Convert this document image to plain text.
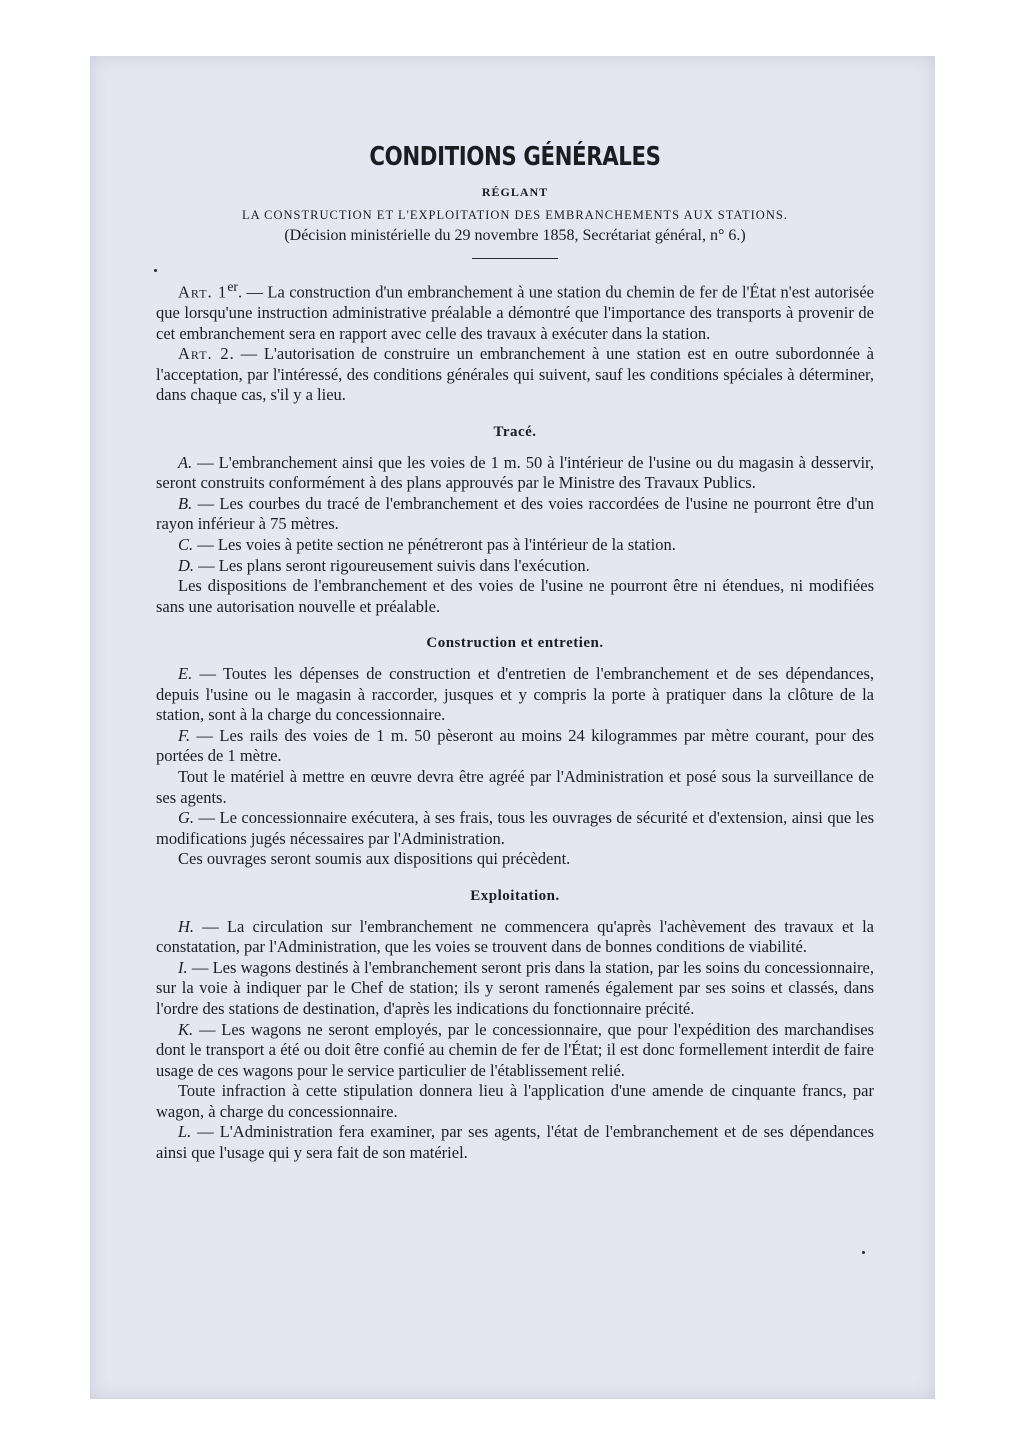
CONDITIONS GÉNÉRALES
RÉGLANT
LA CONSTRUCTION ET L'EXPLOITATION DES EMBRANCHEMENTS AUX STATIONS.
(Décision ministérielle du 29 novembre 1858, Secrétariat général, n° 6.)

Art. 1er. — La construction d'un embranchement à une station du chemin de fer de l'État n'est autorisée que lorsqu'une instruction administrative préalable a démontré que l'importance des transports à provenir de cet embranchement sera en rapport avec celle des travaux à exécuter dans la station.

Art. 2. — L'autorisation de construire un embranchement à une station est en outre subordonnée à l'acceptation, par l'intéressé, des conditions générales qui suivent, sauf les conditions spéciales à déterminer, dans chaque cas, s'il y a lieu.

Tracé.

A. — L'embranchement ainsi que les voies de 1 m. 50 à l'intérieur de l'usine ou du magasin à desservir, seront construits conformément à des plans approuvés par le Ministre des Travaux Publics.

B. — Les courbes du tracé de l'embranchement et des voies raccordées de l'usine ne pourront être d'un rayon inférieur à 75 mètres.

C. — Les voies à petite section ne pénétreront pas à l'intérieur de la station.

D. — Les plans seront rigoureusement suivis dans l'exécution.

Les dispositions de l'embranchement et des voies de l'usine ne pourront être ni étendues, ni modifiées sans une autorisation nouvelle et préalable.

Construction et entretien.

E. — Toutes les dépenses de construction et d'entretien de l'embranchement et de ses dépendances, depuis l'usine ou le magasin à raccorder, jusques et y compris la porte à pratiquer dans la clôture de la station, sont à la charge du concessionnaire.

F. — Les rails des voies de 1 m. 50 pèseront au moins 24 kilogrammes par mètre courant, pour des portées de 1 mètre.

Tout le matériel à mettre en œuvre devra être agréé par l'Administration et posé sous la surveillance de ses agents.

G. — Le concessionnaire exécutera, à ses frais, tous les ouvrages de sécurité et d'extension, ainsi que les modifications jugés nécessaires par l'Administration.

Ces ouvrages seront soumis aux dispositions qui précèdent.

Exploitation.

H. — La circulation sur l'embranchement ne commencera qu'après l'achèvement des travaux et la constatation, par l'Administration, que les voies se trouvent dans de bonnes conditions de viabilité.

I. — Les wagons destinés à l'embranchement seront pris dans la station, par les soins du concessionnaire, sur la voie à indiquer par le Chef de station; ils y seront ramenés également par ses soins et classés, dans l'ordre des stations de destination, d'après les indications du fonctionnaire précité.

K. — Les wagons ne seront employés, par le concessionnaire, que pour l'expédition des marchandises dont le transport a été ou doit être confié au chemin de fer de l'État; il est donc formellement interdit de faire usage de ces wagons pour le service particulier de l'établissement relié.

Toute infraction à cette stipulation donnera lieu à l'application d'une amende de cinquante francs, par wagon, à charge du concessionnaire.

L. — L'Administration fera examiner, par ses agents, l'état de l'embranchement et de ses dépendances ainsi que l'usage qui y sera fait de son matériel.
